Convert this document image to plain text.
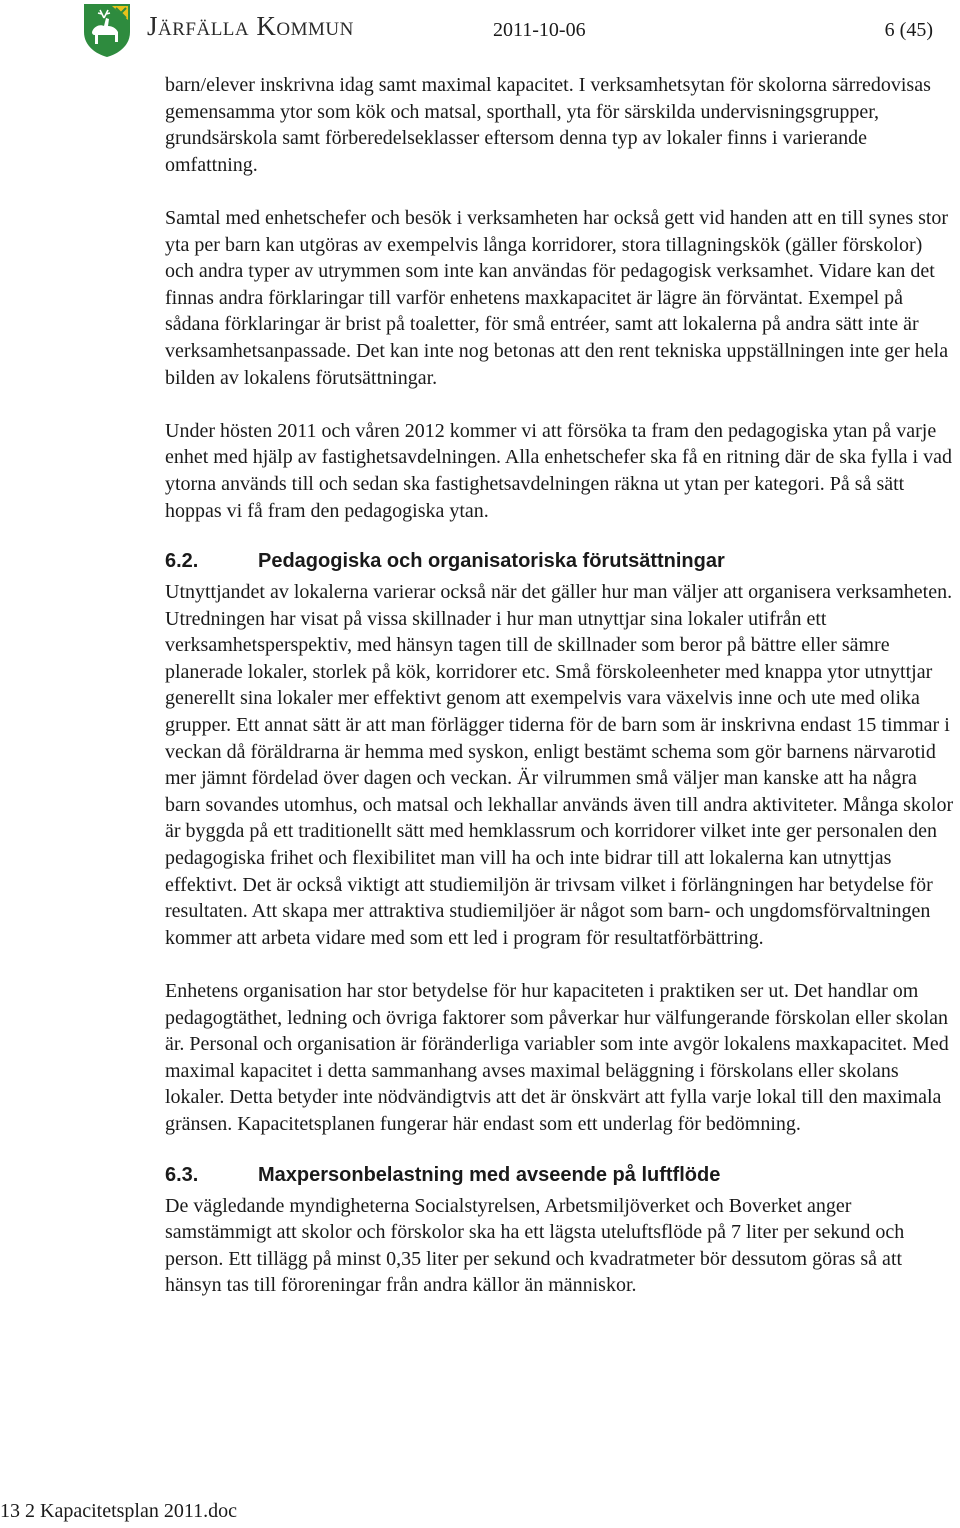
Järfälla Kommun	2011-10-06	6 (45)

barn/elever inskrivna idag samt maximal kapacitet. I verksamhetsytan för skolorna särredovisas gemensamma ytor som kök och matsal, sporthall, yta för särskilda undervisningsgrupper, grundsärskola samt förberedelseklasser eftersom denna typ av lokaler finns i varierande omfattning.

Samtal med enhetschefer och besök i verksamheten har också gett vid handen att en till synes stor yta per barn kan utgöras av exempelvis långa korridorer, stora tillagningskök (gäller förskolor) och andra typer av utrymmen som inte kan användas för pedagogisk verksamhet. Vidare kan det finnas andra förklaringar till varför enhetens maxkapacitet är lägre än förväntat. Exempel på sådana förklaringar är brist på toaletter, för små entréer, samt att lokalerna på andra sätt inte är verksamhetsanpassade. Det kan inte nog betonas att den rent tekniska uppställningen inte ger hela bilden av lokalens förutsättningar.

Under hösten 2011 och våren 2012 kommer vi att försöka ta fram den pedagogiska ytan på varje enhet med hjälp av fastighetsavdelningen. Alla enhetschefer ska få en ritning där de ska fylla i vad ytorna används till och sedan ska fastighetsavdelningen räkna ut ytan per kategori. På så sätt hoppas vi få fram den pedagogiska ytan.

6.2.	Pedagogiska och organisatoriska förutsättningar

Utnyttjandet av lokalerna varierar också när det gäller hur man väljer att organisera verksamheten. Utredningen har visat på vissa skillnader i hur man utnyttjar sina lokaler utifrån ett verksamhetsperspektiv, med hänsyn tagen till de skillnader som beror på bättre eller sämre planerade lokaler, storlek på kök, korridorer etc. Små förskoleenheter med knappa ytor utnyttjar generellt sina lokaler mer effektivt genom att exempelvis vara växelvis inne och ute med olika grupper. Ett annat sätt är att man förlägger tiderna för de barn som är inskrivna endast 15 timmar i veckan då föräldrarna är hemma med syskon, enligt bestämt schema som gör barnens närvarotid mer jämnt fördelad över dagen och veckan. Är vilrummen små väljer man kanske att ha några barn sovandes utomhus, och matsal och lekhallar används även till andra aktiviteter. Många skolor är byggda på ett traditionellt sätt med hemklassrum och korridorer vilket inte ger personalen den pedagogiska frihet och flexibilitet man vill ha och inte bidrar till att lokalerna kan utnyttjas effektivt. Det är också viktigt att studiemiljön är trivsam vilket i förlängningen har betydelse för resultaten. Att skapa mer attraktiva studiemiljöer är något som barn- och ungdomsförvaltningen kommer att arbeta vidare med som ett led i program för resultatförbättring.

Enhetens organisation har stor betydelse för hur kapaciteten i praktiken ser ut. Det handlar om pedagogtäthet, ledning och övriga faktorer som påverkar hur välfungerande förskolan eller skolan är. Personal och organisation är föränderliga variabler som inte avgör lokalens maxkapacitet. Med maximal kapacitet i detta sammanhang avses maximal beläggning i förskolans eller skolans lokaler. Detta betyder inte nödvändigtvis att det är önskvärt att fylla varje lokal till den maximala gränsen. Kapacitetsplanen fungerar här endast som ett underlag för bedömning.

6.3.	Maxpersonbelastning med avseende på luftflöde

De vägledande myndigheterna Socialstyrelsen, Arbetsmiljöverket och Boverket anger samstämmigt att skolor och förskolor ska ha ett lägsta uteluftsflöde på 7 liter per sekund och person. Ett tillägg på minst 0,35 liter per sekund och kvadratmeter bör dessutom göras så att hänsyn tas till föroreningar från andra källor än människor.

13 2 Kapacitetsplan 2011.doc
